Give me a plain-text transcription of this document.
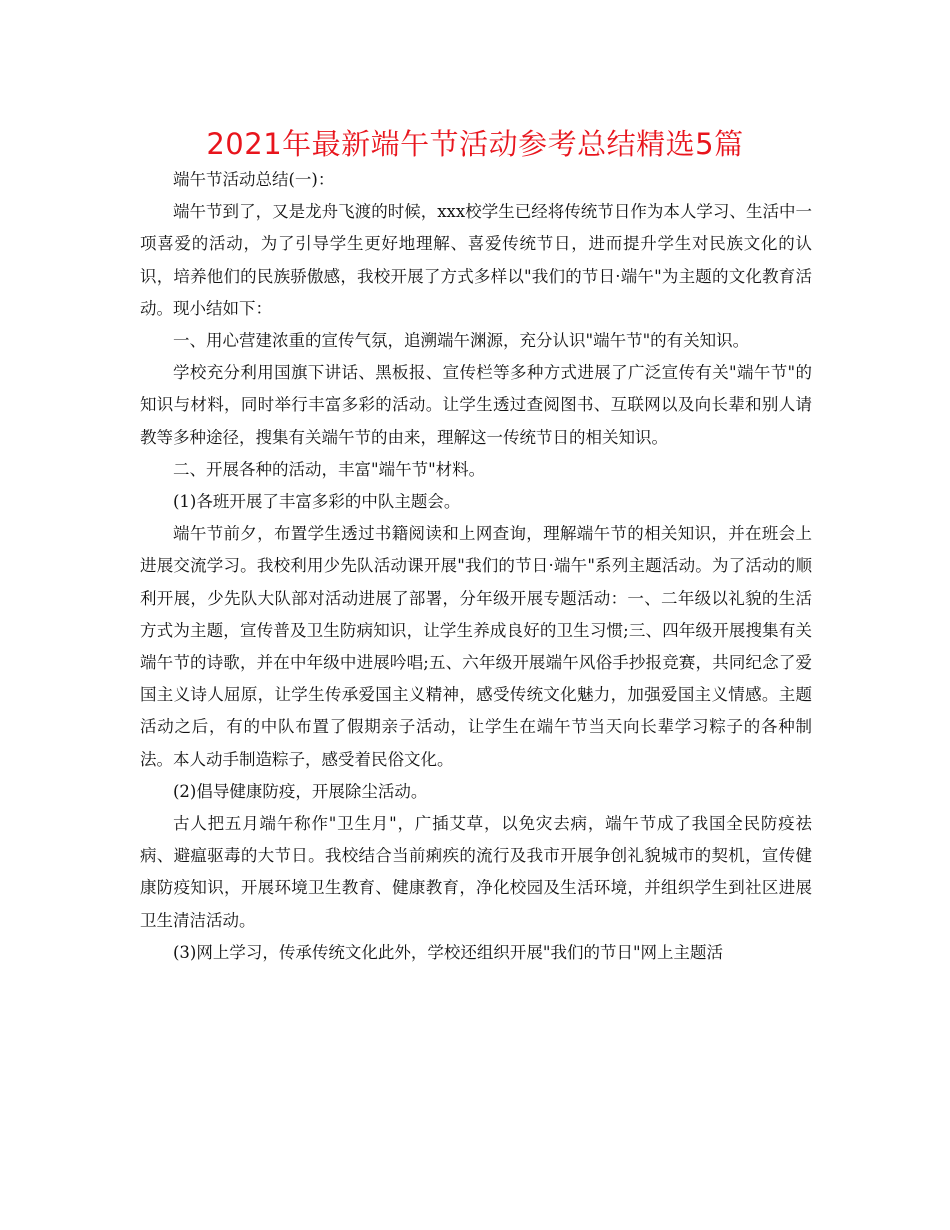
2021年最新端午节活动参考总结精选5篇

端午节活动总结(一)：

端午节到了，又是龙舟飞渡的时候，xxx校学生已经将传统节日作为本人学习、生活中一项喜爱的活动，为了引导学生更好地理解、喜爱传统节日，进而提升学生对民族文化的认识，培养他们的民族骄傲感，我校开展了方式多样以"我们的节日·端午"为主题的文化教育活动。现小结如下：

一、用心营建浓重的宣传气氛，追溯端午渊源，充分认识"端午节"的有关知识。

学校充分利用国旗下讲话、黑板报、宣传栏等多种方式进展了广泛宣传有关"端午节"的知识与材料，同时举行丰富多彩的活动。让学生透过查阅图书、互联网以及向长辈和别人请教等多种途径，搜集有关端午节的由来，理解这一传统节日的相关知识。

二、开展各种的活动，丰富"端午节"材料。

(1)各班开展了丰富多彩的中队主题会。

端午节前夕，布置学生透过书籍阅读和上网查询，理解端午节的相关知识，并在班会上进展交流学习。我校利用少先队活动课开展"我们的节日·端午"系列主题活动。为了活动的顺利开展，少先队大队部对活动进展了部署，分年级开展专题活动：一、二年级以礼貌的生活方式为主题，宣传普及卫生防病知识，让学生养成良好的卫生习惯;三、四年级开展搜集有关端午节的诗歌，并在中年级中进展吟唱;五、六年级开展端午风俗手抄报竞赛，共同纪念了爱国主义诗人屈原，让学生传承爱国主义精神，感受传统文化魅力，加强爱国主义情感。主题活动之后，有的中队布置了假期亲子活动，让学生在端午节当天向长辈学习粽子的各种制法。本人动手制造粽子，感受着民俗文化。

(2)倡导健康防疫，开展除尘活动。

古人把五月端午称作"卫生月"，广插艾草，以免灾去病，端午节成了我国全民防疫祛病、避瘟驱毒的大节日。我校结合当前痢疾的流行及我市开展争创礼貌城市的契机，宣传健康防疫知识，开展环境卫生教育、健康教育，净化校园及生活环境，并组织学生到社区进展卫生清洁活动。

(3)网上学习，传承传统文化此外，学校还组织开展"我们的节日"网上主题活
